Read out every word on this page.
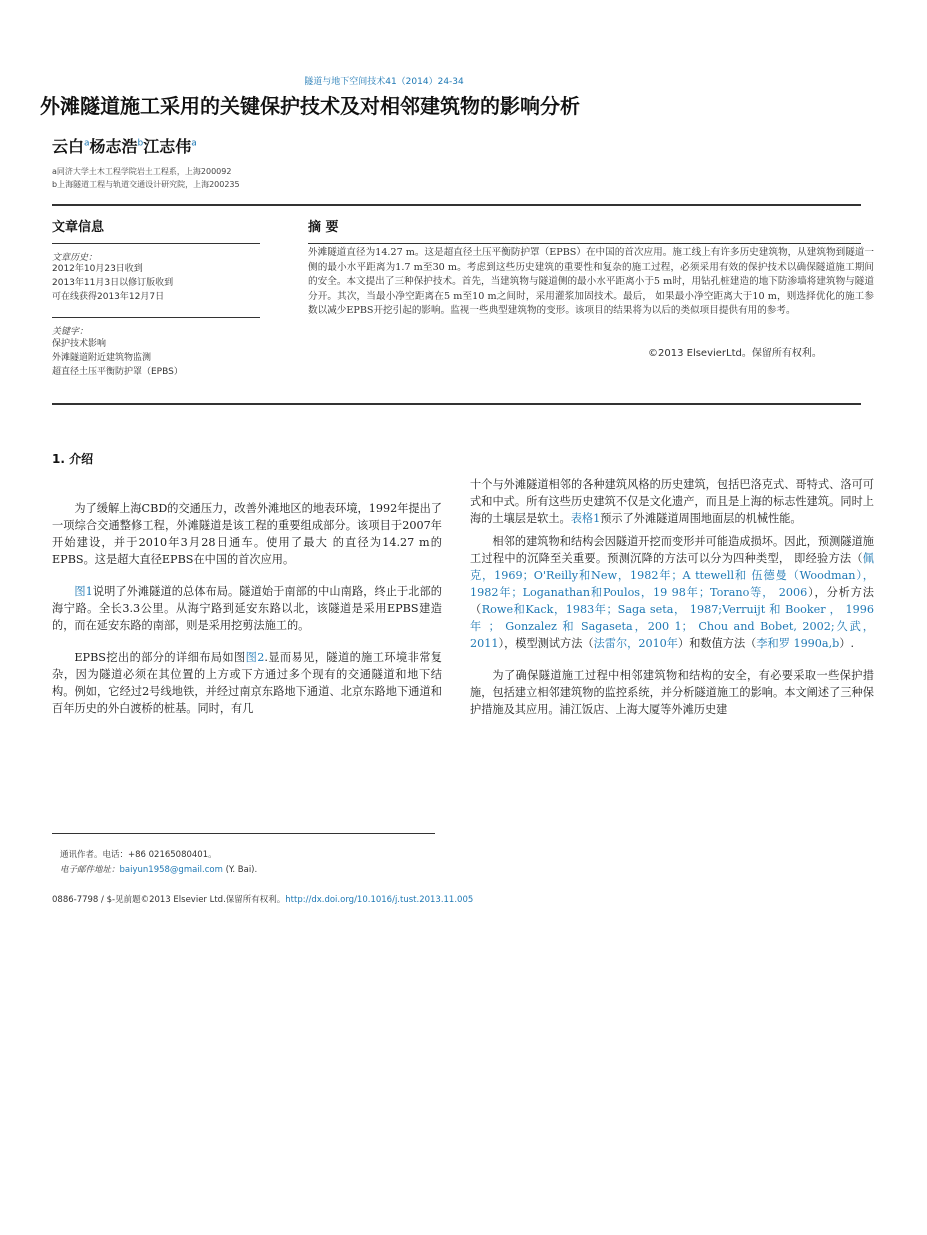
隧道与地下空间技术41（2014）24-34
外滩隧道施工采用的关键保护技术及对相邻建筑物的影响分析
云白$^a$杨志浩$^b$江志伟$^a$
a同济大学土木工程学院岩土工程系，上海200092
b上海隧道工程与轨道交通设计研究院，上海200235
文章信息
文章历史：
2012年10月23日收到
2013年11月3日以修订版收到
可在线获得2013年12月7日
关键字：
保护技术影响
外滩隧道附近建筑物监测
超直径土压平衡防护罩（EPBS）
摘 要
外滩隧道直径为14.27 m。这是超直径土压平衡防护罩（EPBS）在中国的首次应用。施工线上有许多历史建筑物，从建筑物到隧道一侧的最小水平距离为1.7 m至30 m。考虑到这些历史建筑的重要性和复杂的施工过程，必须采用有效的保护技术以确保隧道施工期间的安全。本文提出了三种保护技术。首先，当建筑物与隧道侧的最小水平距离小于5 m时，用钻孔桩建造的地下防渗墙将建筑物与隧道分开。其次，当最小净空距离在5 m至10 m之间时，采用灌浆加固技术。最后， 如果最小净空距离大于10 m，则选择优化的施工参数以减少EPBS开挖引起的影响。监视一些典型建筑物的变形。该项目的结果将为以后的类似项目提供有用的参考。
©2013 ElsevierLtd。保留所有权利。
1. 介绍

为了缓解上海CBD的交通压力，改善外滩地区的地表环境，1992年提出了一项综合交通整修工程，外滩隧道是该工程的重要组成部分。该项目于2007年开始建设，并于2010年3月28日通车。使用了最大 的直径为14.27 m的EPBS。这是超大直径EPBS在中国的首次应用。

图1说明了外滩隧道的总体布局。隧道始于南部的中山南路，终止于北部的海宁路。全长3.3公里。从海宁路到延安东路以北，该隧道是采用EPBS建造的，而在延安东路的南部，则是采用挖剪法施工的。

EPBS挖出的部分的详细布局如图图2.显而易见，隧道的施工环境非常复杂，因为隧道必须在其位置的上方或下方通过多个现有的交通隧道和地下结构。例如，它经过2号线地铁，并经过南京东路地下通道、北京东路地下通道和百年历史的外白渡桥的桩基。同时，有几

十个与外滩隧道相邻的各种建筑风格的历史建筑，包括巴洛克式、哥特式、洛可可式和中式。所有这些历史建筑不仅是文化遗产，而且是上海的标志性建筑。同时上海的土壤层是软土。表格1预示了外滩隧道周围地面层的机械性能。

相邻的建筑物和结构会因隧道开挖而变形并可能造成损坏。因此，预测隧道施工过程中的沉降至关重要。预测沉降的方法可以分为四种类型， 即经验方法（佩克，1969；O'Reilly和New，1982年；A ttewell和 伍德曼（Woodman），1982年；Loganathan和Poulos，19 98年；Torano等， 2006），分析方法（Rowe和Kack，1983年；Saga seta， 1987;Verruijt 和 Booker ， 1996 年 ； Gonzalez 和 Sagaseta，200 1； Chou and Bobet, 2002;久武，2011），模型测试方法（法雷尔，2010年）和数值方法（李和罗 1990a,b）.

为了确保隧道施工过程中相邻建筑物和结构的安全，有必要采取一些保护措施，包括建立相邻建筑物的监控系统，并分析隧道施工的影响。本文阐述了三种保护措施及其应用。浦江饭店、上海大厦等外滩历史建

通讯作者。电话：+86 02165080401。
电子邮件地址：baiyun1958@gmail.com (Y. Bai).
0886-7798 / $-见前题©2013 Elsevier Ltd.保留所有权利。http://dx.doi.org/10.1016/j.tust.2013.11.005
